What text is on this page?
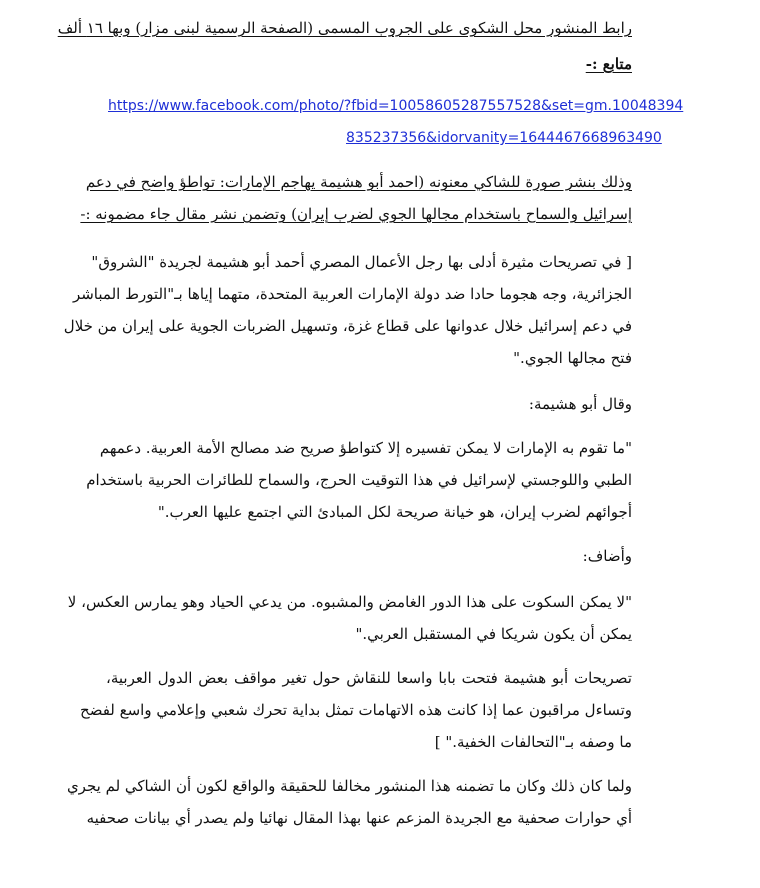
رابط المنشور محل الشكوى على الجروب المسمى (الصفحة الرسمية لبنى مزار) وبها ١٦ ألف
متابع :-
https://www.facebook.com/photo/?fbid=10058605287557528&set=gm.10048394
835237356&idorvanity=1644467668963490
وذلك بنشر صورة للشاكي معنونه (احمد أبو هشيمة يهاجم الإمارات: تواطؤ واضح في دعم
إسرائيل والسماح باستخدام مجالها الجوي لضرب إيران) وتضمن نشر مقال جاء مضمونه :-
[ في تصريحات مثيرة أدلى بها رجل الأعمال المصري أحمد أبو هشيمة لجريدة "الشروق"
الجزائرية، وجه هجوما حادا ضد دولة الإمارات العربية المتحدة، متهما إياها بـ"التورط المباشر
في دعم إسرائيل خلال عدوانها على قطاع غزة، وتسهيل الضربات الجوية على إيران من خلال
فتح مجالها الجوي."
وقال أبو هشيمة:
"ما تقوم به الإمارات لا يمكن تفسيره إلا كتواطؤ صريح ضد مصالح الأمة العربية. دعمهم
الطبي واللوجستي لإسرائيل في هذا التوقيت الحرج، والسماح للطائرات الحربية باستخدام
أجوائهم لضرب إيران، هو خيانة صريحة لكل المبادئ التي اجتمع عليها العرب."
وأضاف:
"لا يمكن السكوت على هذا الدور الغامض والمشبوه. من يدعي الحياد وهو يمارس العكس، لا
يمكن أن يكون شريكا في المستقبل العربي."
تصريحات أبو هشيمة فتحت بابا واسعا للنقاش حول تغير مواقف بعض الدول العربية،
وتساءل مراقبون عما إذا كانت هذه الاتهامات تمثل بداية تحرك شعبي وإعلامي واسع لفضح
ما وصفه بـ"التحالفات الخفية." ]
ولما كان ذلك وكان ما تضمنه هذا المنشور مخالفا للحقيقة والواقع لكون أن الشاكي لم يجري
أي حوارات صحفية مع الجريدة المزعم عنها بهذا المقال نهائيا ولم يصدر أي بيانات صحفيه
